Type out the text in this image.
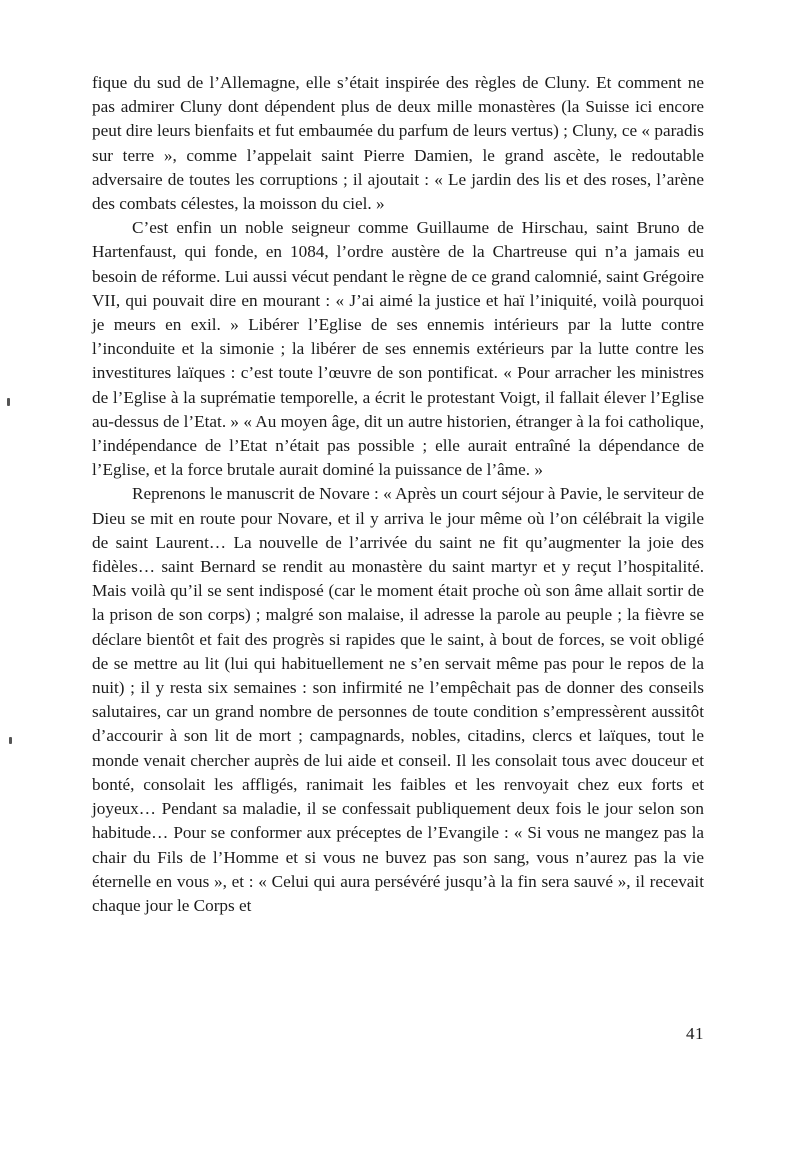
fique du sud de l’Allemagne, elle s’était inspirée des règles de Cluny. Et comment ne pas admirer Cluny dont dépendent plus de deux mille monastères (la Suisse ici encore peut dire leurs bienfaits et fut embaumée du parfum de leurs vertus) ; Cluny, ce « paradis sur terre », comme l’appelait saint Pierre Damien, le grand ascète, le redoutable adversaire de toutes les corruptions ; il ajoutait : « Le jardin des lis et des roses, l’arène des combats célestes, la moisson du ciel. »

C’est enfin un noble seigneur comme Guillaume de Hirschau, saint Bruno de Hartenfaust, qui fonde, en 1084, l’ordre austère de la Chartreuse qui n’a jamais eu besoin de réforme. Lui aussi vécut pendant le règne de ce grand calomnié, saint Grégoire VII, qui pouvait dire en mourant : « J’ai aimé la justice et haï l’iniquité, voilà pourquoi je meurs en exil. » Libérer l’Eglise de ses ennemis intérieurs par la lutte contre l’inconduite et la simonie ; la libérer de ses ennemis extérieurs par la lutte contre les investitures laïques : c’est toute l’œuvre de son pontificat. « Pour arracher les ministres de l’Eglise à la suprématie temporelle, a écrit le protestant Voigt, il fallait élever l’Eglise au-dessus de l’Etat. » « Au moyen âge, dit un autre historien, étranger à la foi catholique, l’indépendance de l’Etat n’était pas possible ; elle aurait entraîné la dépendance de l’Eglise, et la force brutale aurait dominé la puissance de l’âme. »

Reprenons le manuscrit de Novare : « Après un court séjour à Pavie, le serviteur de Dieu se mit en route pour Novare, et il y arriva le jour même où l’on célébrait la vigile de saint Laurent… La nouvelle de l’arrivée du saint ne fit qu’augmenter la joie des fidèles… saint Bernard se rendit au monastère du saint martyr et y reçut l’hospitalité. Mais voilà qu’il se sent indisposé (car le moment était proche où son âme allait sortir de la prison de son corps) ; malgré son malaise, il adresse la parole au peuple ; la fièvre se déclare bientôt et fait des progrès si rapides que le saint, à bout de forces, se voit obligé de se mettre au lit (lui qui habituellement ne s’en servait même pas pour le repos de la nuit) ; il y resta six semaines : son infirmité ne l’empêchait pas de donner des conseils salutaires, car un grand nombre de personnes de toute condition s’empressèrent aussitôt d’accourir à son lit de mort ; campagnards, nobles, citadins, clercs et laïques, tout le monde venait chercher auprès de lui aide et conseil. Il les consolait tous avec douceur et bonté, consolait les affligés, ranimait les faibles et les renvoyait chez eux forts et joyeux… Pendant sa maladie, il se confessait publiquement deux fois le jour selon son habitude… Pour se conformer aux préceptes de l’Evangile : « Si vous ne mangez pas la chair du Fils de l’Homme et si vous ne buvez pas son sang, vous n’aurez pas la vie éternelle en vous », et : « Celui qui aura persévéré jusqu’à la fin sera sauvé », il recevait chaque jour le Corps et

41
